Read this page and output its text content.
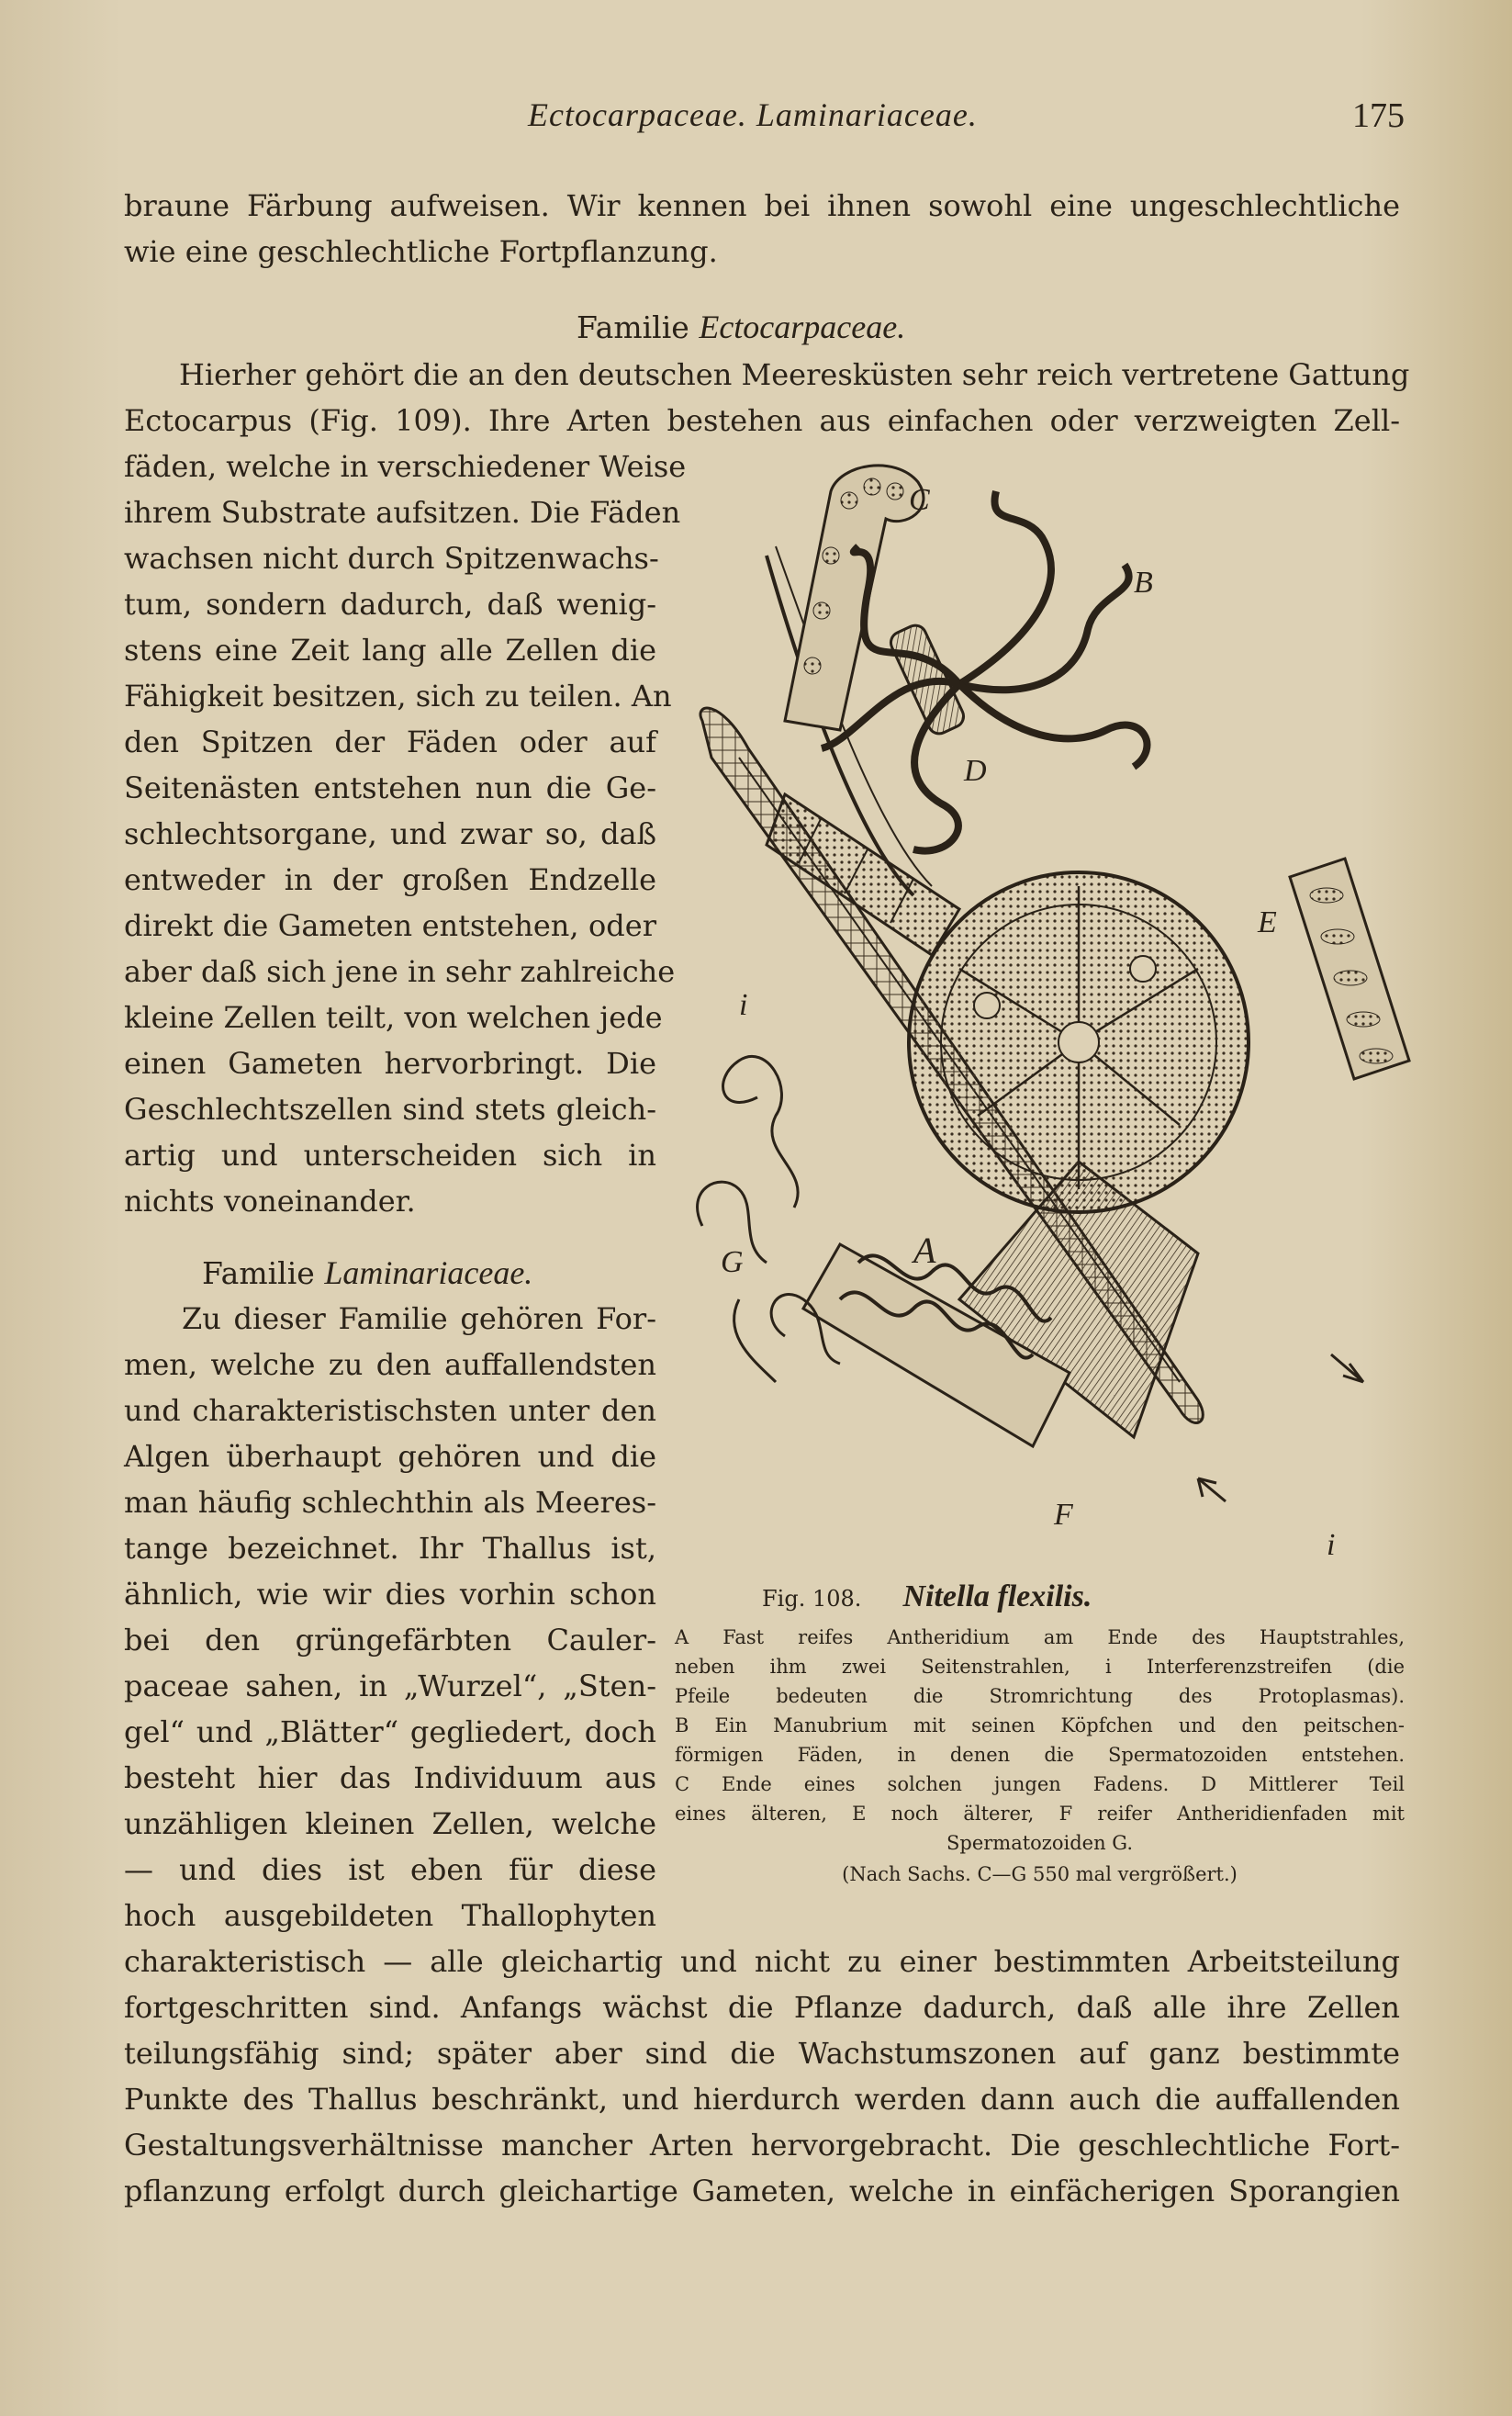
Ectocarpaceae. Laminariaceae.	175
braune Färbung aufweisen. Wir kennen bei ihnen sowohl eine ungeschlechtliche
wie eine geschlechtliche Fortpflanzung.
Familie Ectocarpaceae.
Hierher gehört die an den deutschen Meeresküsten sehr reich vertretene Gattung
Ectocarpus (Fig. 109). Ihre Arten bestehen aus einfachen oder verzweigten Zell-
fäden, welche in verschiedener Weise
ihrem Substrate aufsitzen. Die Fäden
wachsen nicht durch Spitzenwachs-
tum, sondern dadurch, daß wenig-
stens eine Zeit lang alle Zellen die
Fähigkeit besitzen, sich zu teilen. An
den Spitzen der Fäden oder auf
Seitenästen entstehen nun die Ge-
schlechtsorgane, und zwar so, daß
entweder in der großen Endzelle
direkt die Gameten entstehen, oder
aber daß sich jene in sehr zahlreiche
kleine Zellen teilt, von welchen jede
einen Gameten hervorbringt. Die
Geschlechtszellen sind stets gleich-
artig und unterscheiden sich in
nichts voneinander.
Familie Laminariaceae.
Zu dieser Familie gehören For-
men, welche zu den auffallendsten
und charakteristischsten unter den
Algen überhaupt gehören und die
man häufig schlechthin als Meeres-
tange bezeichnet. Ihr Thallus ist,
ähnlich, wie wir dies vorhin schon
bei den grüngefärbten Cauler-
paceae sahen, in „Wurzel“, „Sten-
gel“ und „Blätter“ gegliedert, doch
besteht hier das Individuum aus
unzähligen kleinen Zellen, welche
— und dies ist eben für diese
hoch ausgebildeten Thallophyten
charakteristisch — alle gleichartig und nicht zu einer bestimmten Arbeitsteilung
fortgeschritten sind. Anfangs wächst die Pflanze dadurch, daß alle ihre Zellen
teilungsfähig sind; später aber sind die Wachstumszonen auf ganz bestimmte
Punkte des Thallus beschränkt, und hierdurch werden dann auch die auffallenden
Gestaltungsverhältnisse mancher Arten hervorgebracht. Die geschlechtliche Fort-
pflanzung erfolgt durch gleichartige Gameten, welche in einfächerigen Sporangien
A
B
C
D
E
F
G
i
i
Fig. 108. Nitella flexilis.
A Fast reifes Antheridium am Ende des Hauptstrahles,
neben ihm zwei Seitenstrahlen, i Interferenzstreifen (die
Pfeile bedeuten die Stromrichtung des Protoplasmas).
B Ein Manubrium mit seinen Köpfchen und den peitschen-
förmigen Fäden, in denen die Spermatozoiden entstehen.
C Ende eines solchen jungen Fadens. D Mittlerer Teil
eines älteren, E noch älterer, F reifer Antheridienfaden mit
Spermatozoiden G.
(Nach Sachs. C—G 550 mal vergrößert.)
